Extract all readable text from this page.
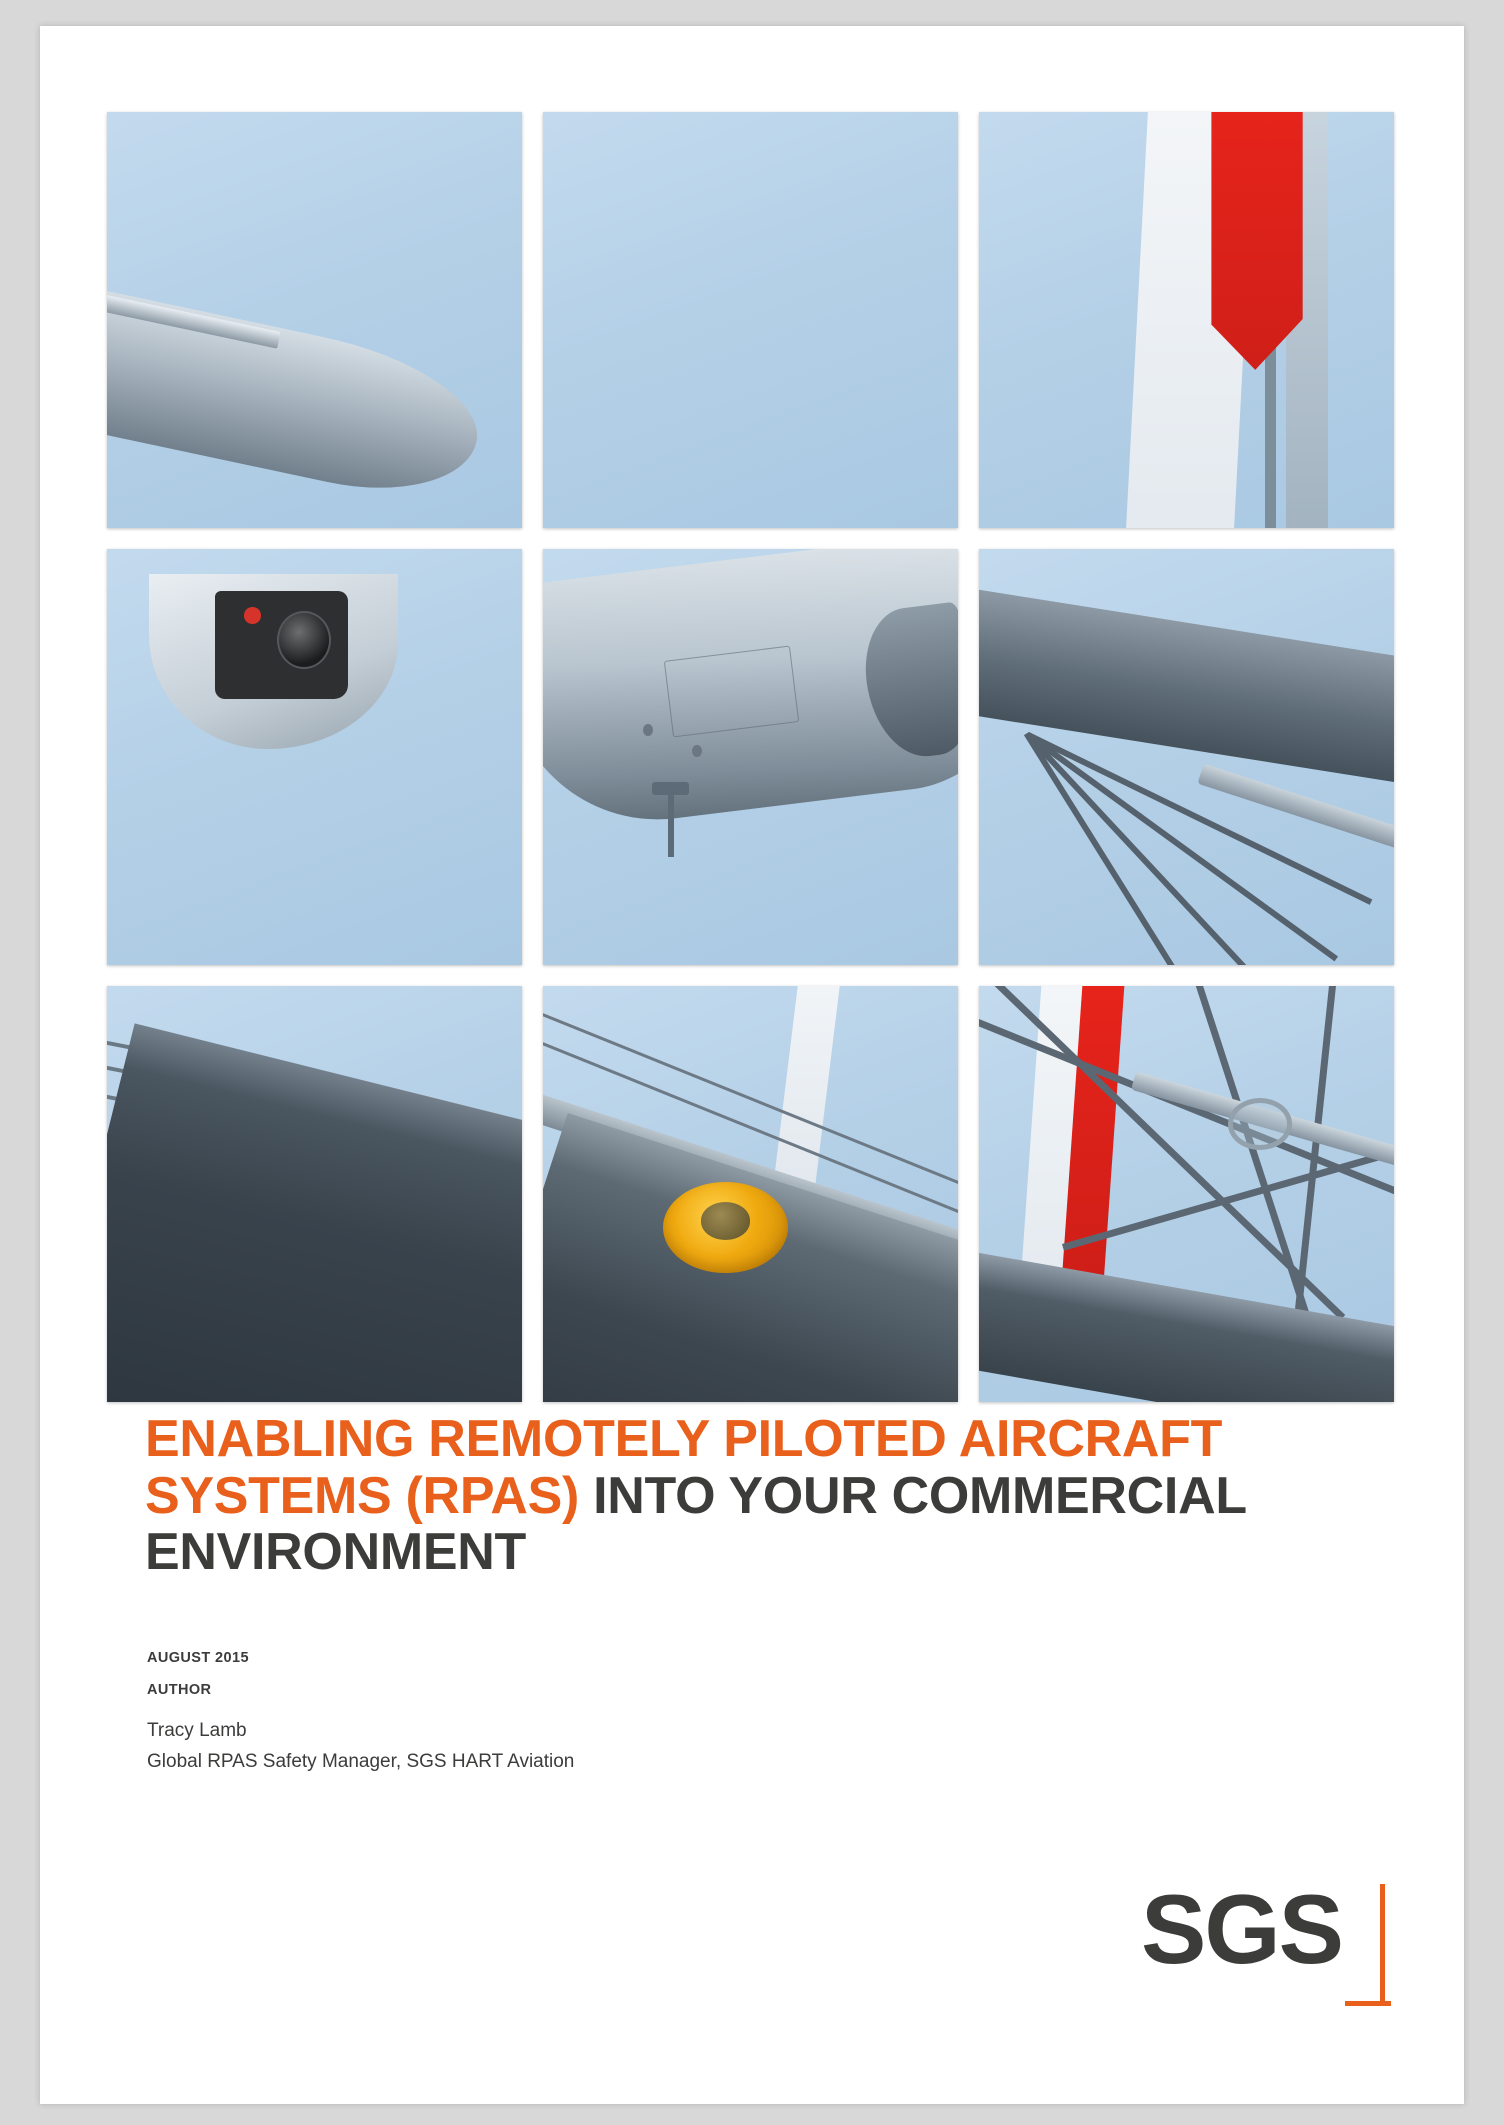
ENABLING REMOTELY PILOTED AIRCRAFT
SYSTEMS (RPAS) INTO YOUR COMMERCIAL
ENVIRONMENT
AUGUST 2015
AUTHOR
Tracy Lamb
Global RPAS Safety Manager, SGS HART Aviation
SGS
